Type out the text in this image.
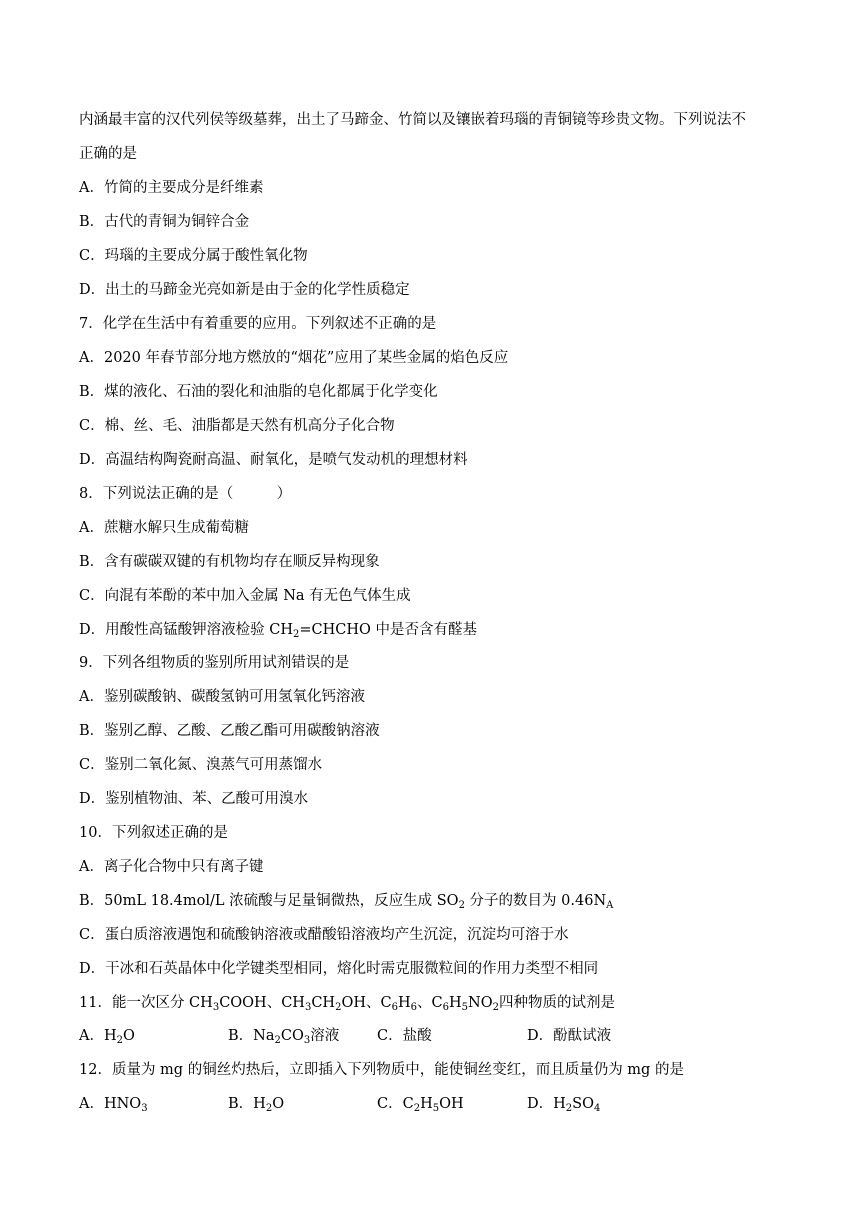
内涵最丰富的汉代列侯等级墓葬，出土了马蹄金、竹简以及镶嵌着玛瑙的青铜镜等珍贵文物。下列说法不
正确的是
A．竹简的主要成分是纤维素
B．古代的青铜为铜锌合金
C．玛瑙的主要成分属于酸性氧化物
D．出土的马蹄金光亮如新是由于金的化学性质稳定
7．化学在生活中有着重要的应用。下列叙述不正确的是
A．2020 年春节部分地方燃放的“烟花”应用了某些金属的焰色反应
B．煤的液化、石油的裂化和油脂的皂化都属于化学变化
C．棉、丝、毛、油脂都是天然有机高分子化合物
D．高温结构陶瓷耐高温、耐氧化，是喷气发动机的理想材料
8．下列说法正确的是（　　　）
A．蔗糖水解只生成葡萄糖
B．含有碳碳双键的有机物均存在顺反异构现象
C．向混有苯酚的苯中加入金属 Na 有无色气体生成
D．用酸性高锰酸钾溶液检验 $CH_2=CHCHO$ 中是否含有醛基
9．下列各组物质的鉴别所用试剂错误的是
A．鉴别碳酸钠、碳酸氢钠可用氢氧化钙溶液
B．鉴别乙醇、乙酸、乙酸乙酯可用碳酸钠溶液
C．鉴别二氧化氮、溴蒸气可用蒸馏水
D．鉴别植物油、苯、乙酸可用溴水
10．下列叙述正确的是
A．离子化合物中只有离子键
B．50mL 18.4mol/L 浓硫酸与足量铜微热，反应生成 $SO_2$ 分子的数目为 $0.46N_A$
C．蛋白质溶液遇饱和硫酸钠溶液或醋酸铅溶液均产生沉淀，沉淀均可溶于水
D．干冰和石英晶体中化学键类型相同，熔化时需克服微粒间的作用力类型不相同
11．能一次区分 $CH_3COOH$、$CH_3CH_2OH$、$C_6H_6$、$C_6H_5NO_2$四种物质的试剂是
A．$H_2O$	B．$Na_2CO_3$溶液	C．盐酸	D．酚酞试液
12．质量为 mg 的铜丝灼热后，立即插入下列物质中，能使铜丝变红，而且质量仍为 mg 的是
A．$HNO_3$	B．$H_2O$	C．$C_2H_5OH$	D．$H_2SO_4$
